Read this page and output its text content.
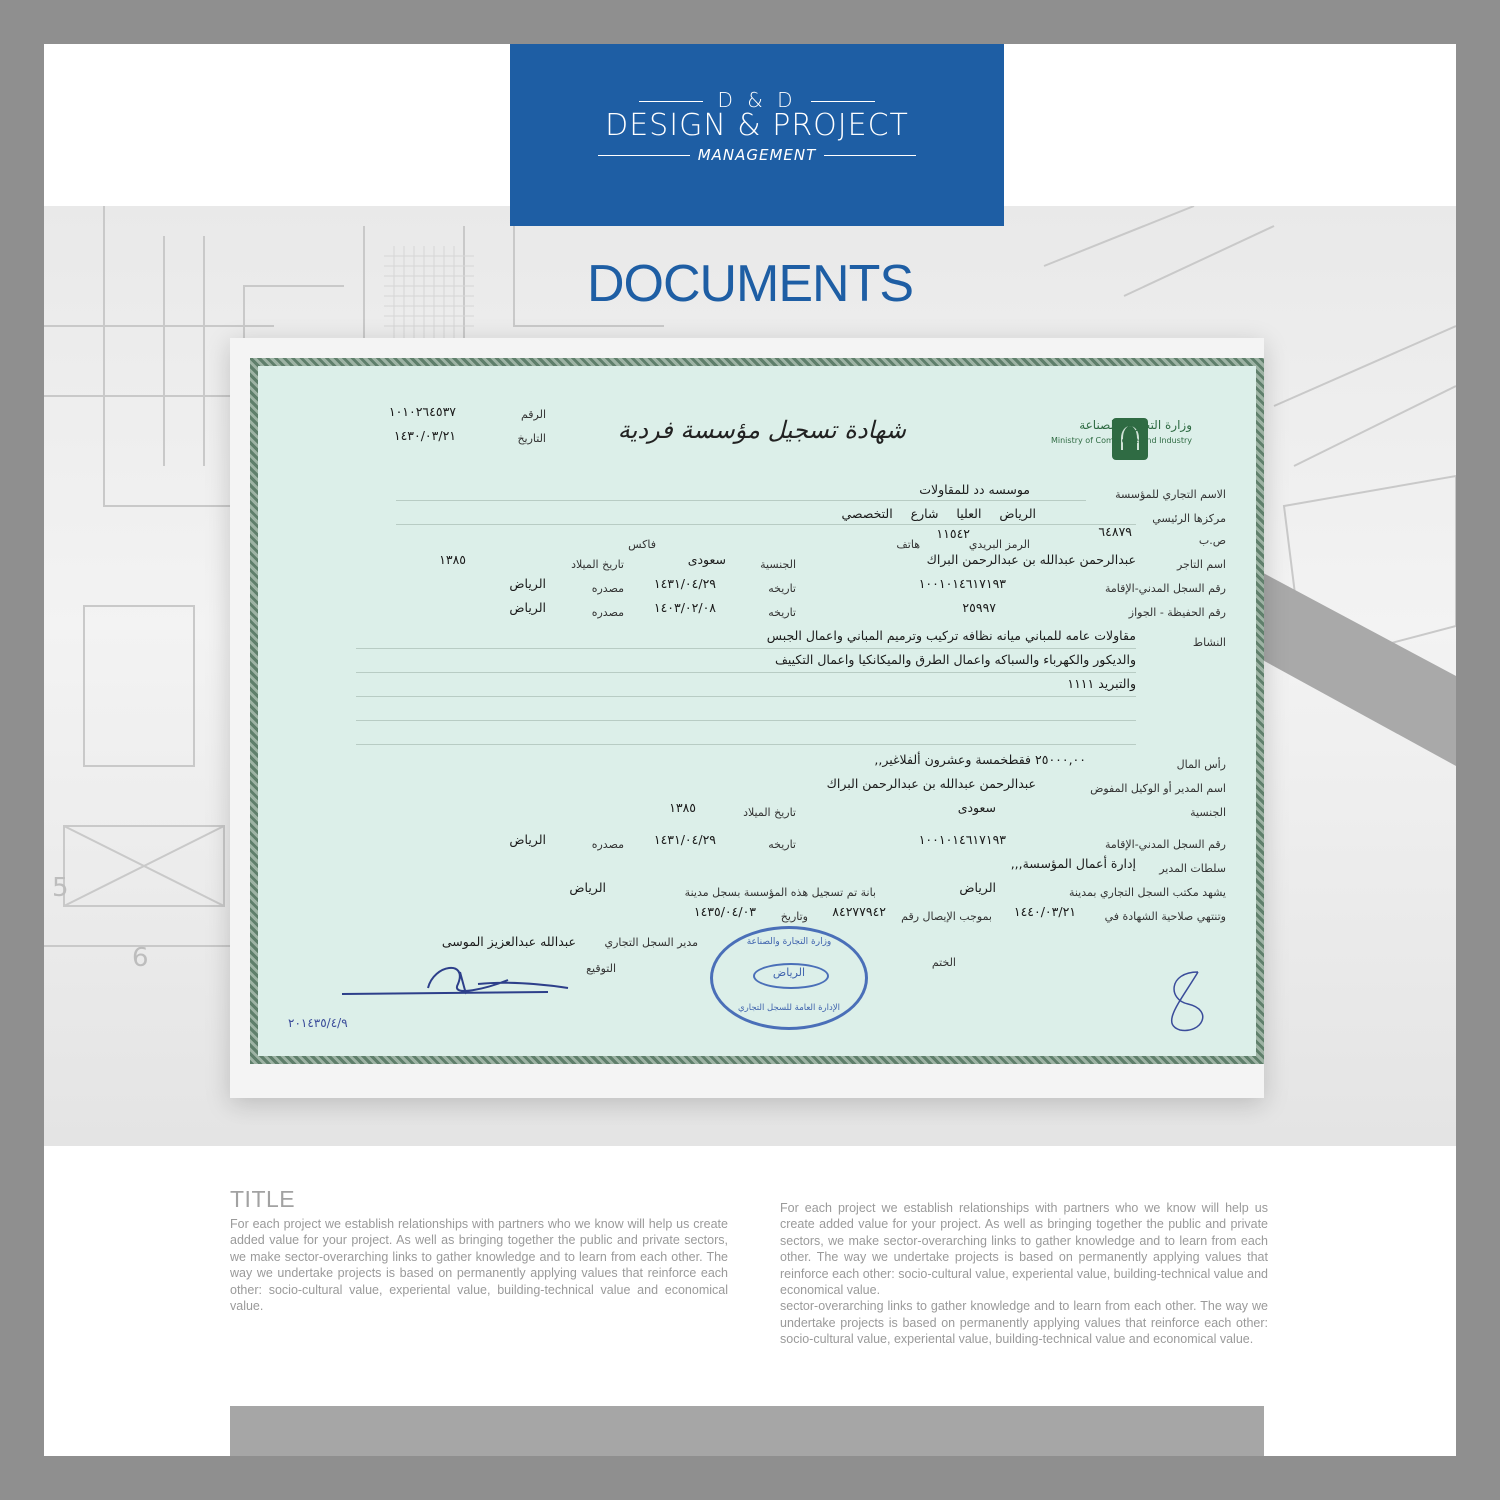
5
6
D & D
DESIGN & PROJECT
MANAGEMENT
DOCUMENTS
وزارة التجارة والصناعة
Ministry of Commerce and Industry
شهادة تسجيل مؤسسة فردية
الرقم
١٠١٠٢٦٤٥٣٧
التاريخ
١٤٣٠/٠٣/٢١
الاسم التجاري للمؤسسة
موسسه دد للمقاولات
مركزها الرئيسي
الرياض العليا شارع التخصصي
ص.ب
٦٤٨٧٩
الرمز البريدي
١١٥٤٢
هاتف
فاكس
اسم التاجر
عبدالرحمن عبدالله بن عبدالرحمن البراك
الجنسية
سعودى
تاريخ الميلاد
١٣٨٥
رقم السجل المدني-الإقامة
١٠٠١٠١٤٦١٧١٩٣
تاريخه
١٤٣١/٠٤/٢٩
مصدره
الرياض
رقم الحفيظة - الجواز
٢٥٩٩٧
تاريخه
١٤٠٣/٠٢/٠٨
مصدره
الرياض
النشاط
مقاولات عامه للمباني ميانه نظافه تركيب وترميم المباني واعمال الجبس
والديكور والكهرباء والسباكه واعمال الطرق والميكانكيا واعمال التكييف
والتبريد ١١١١
رأس المال
٢٥٠٠٠,٠٠ فقطخمسة وعشرون ألفلاغير,,
اسم المدير أو الوكيل المفوض
عبدالرحمن عبدالله بن عبدالرحمن البراك
الجنسية
سعودى
تاريخ الميلاد
١٣٨٥
رقم السجل المدني-الإقامة
١٠٠١٠١٤٦١٧١٩٣
تاريخه
١٤٣١/٠٤/٢٩
مصدره
الرياض
سلطات المدير
إدارة أعمال المؤسسة,,,
يشهد مكتب السجل التجاري بمدينة
الرياض
بانة تم تسجيل هذه المؤسسة بسجل مدينة
الرياض
وتنتهي صلاحية الشهادة في
١٤٤٠/٠٣/٢١
بموجب الإيصال رقم
٨٤٢٧٧٩٤٢
وتاريخ
١٤٣٥/٠٤/٠٣
مدير السجل التجاري
عبدالله عبدالعزيز الموسى
التوقيع	الختم
٢٠١٤٣٥/٤/٩
وزارة التجارة والصناعة
الرياض
الإدارة العامة للسجل التجاري
TITLE
For each project we establish relationships with partners who we know will help us create added value for your project. As well as bringing together the public and private sectors, we make sector-overarching links to gather knowledge and to learn from each other. The way we undertake projects is based on permanently applying values that reinforce each other: socio-cultural value, experiental value, building-technical value and economical value.
For each project we establish relationships with partners who we know will help us create added value for your project. As well as bringing together the public and private sectors, we make sector-overarching links to gather knowledge and to learn from each other. The way we undertake projects is based on permanently applying values that reinforce each other: socio-cultural value, experiental value, building-technical value and economical value.
sector-overarching links to gather knowledge and to learn from each other. The way we undertake projects is based on permanently applying values that reinforce each other: socio-cultural value, experiental value, building-technical value and economical value.
